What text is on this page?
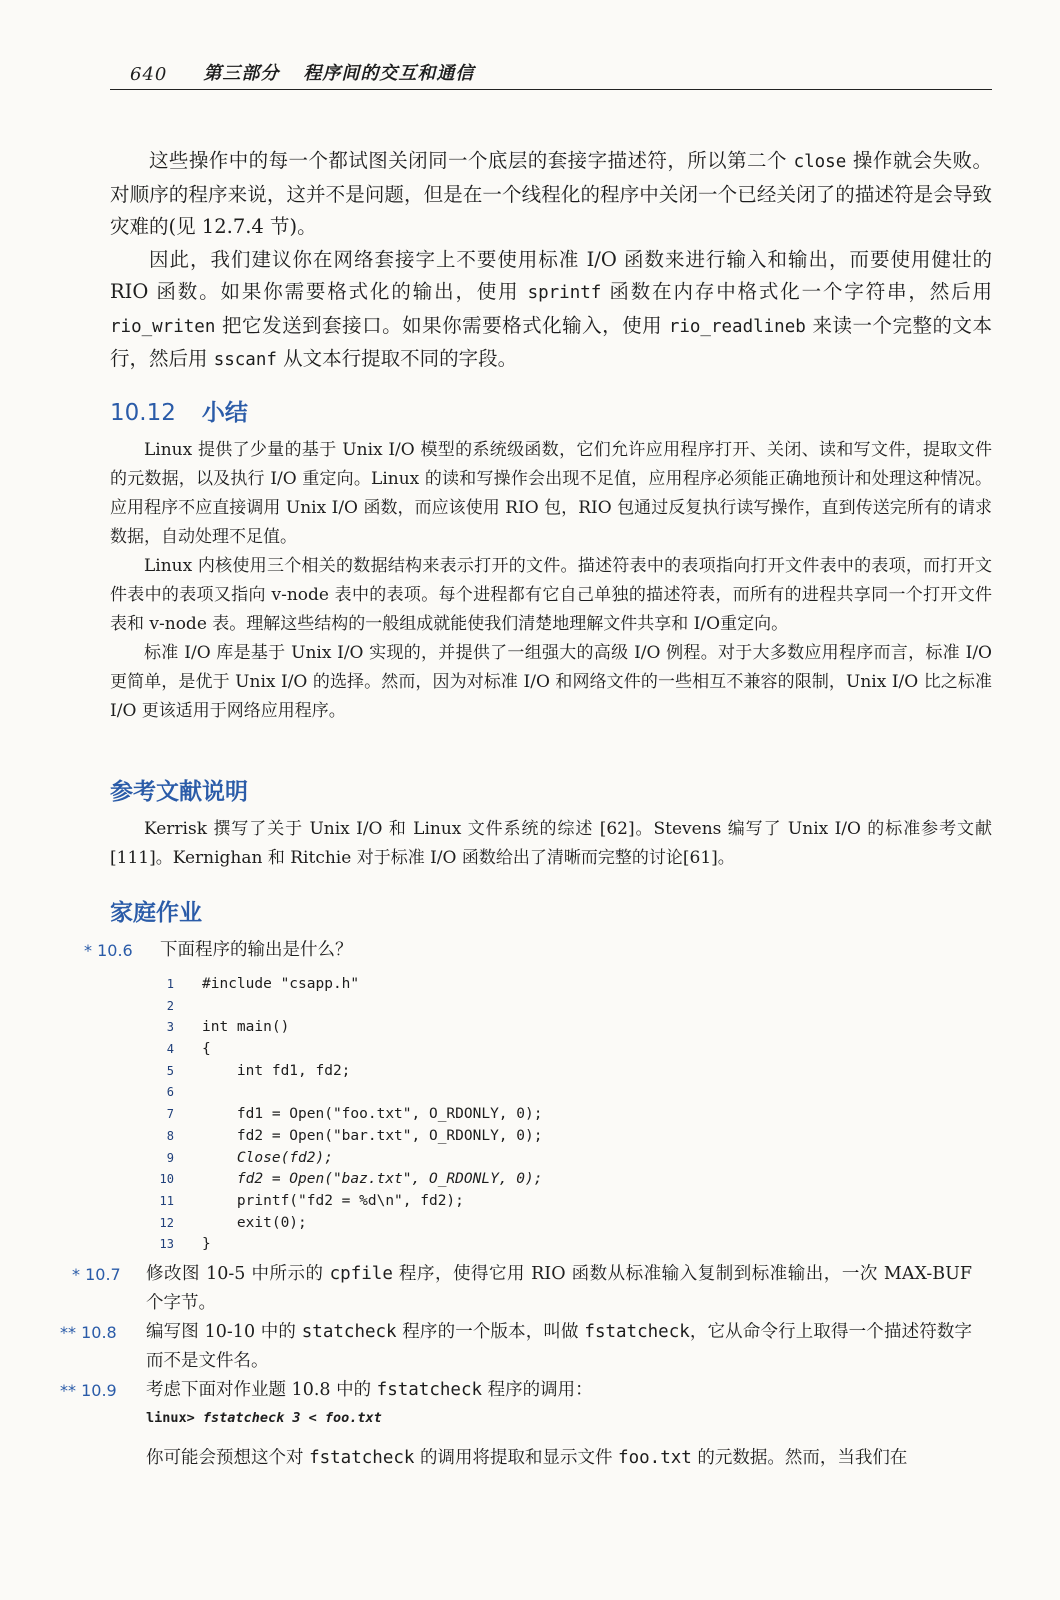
640 第三部分 程序间的交互和通信

这些操作中的每一个都试图关闭同一个底层的套接字描述符，所以第二个 close 操作就会失败。对顺序的程序来说，这并不是问题，但是在一个线程化的程序中关闭一个已经关闭了的描述符是会导致灾难的(见 12.7.4 节)。

因此，我们建议你在网络套接字上不要使用标准 I/O 函数来进行输入和输出，而要使用健壮的 RIO 函数。如果你需要格式化的输出，使用 sprintf 函数在内存中格式化一个字符串，然后用 rio_writen 把它发送到套接口。如果你需要格式化输入，使用 rio_readlineb 来读一个完整的文本行，然后用 sscanf 从文本行提取不同的字段。

10.12 小结

Linux 提供了少量的基于 Unix I/O 模型的系统级函数，它们允许应用程序打开、关闭、读和写文件，提取文件的元数据，以及执行 I/O 重定向。Linux 的读和写操作会出现不足值，应用程序必须能正确地预计和处理这种情况。应用程序不应直接调用 Unix I/O 函数，而应该使用 RIO 包，RIO 包通过反复执行读写操作，直到传送完所有的请求数据，自动处理不足值。

Linux 内核使用三个相关的数据结构来表示打开的文件。描述符表中的表项指向打开文件表中的表项，而打开文件表中的表项又指向 v-node 表中的表项。每个进程都有它自己单独的描述符表，而所有的进程共享同一个打开文件表和 v-node 表。理解这些结构的一般组成就能使我们清楚地理解文件共享和 I/O重定向。

标准 I/O 库是基于 Unix I/O 实现的，并提供了一组强大的高级 I/O 例程。对于大多数应用程序而言，标准 I/O 更简单，是优于 Unix I/O 的选择。然而，因为对标准 I/O 和网络文件的一些相互不兼容的限制，Unix I/O 比之标准 I/O 更该适用于网络应用程序。

参考文献说明

Kerrisk 撰写了关于 Unix I/O 和 Linux 文件系统的综述 [62]。Stevens 编写了 Unix I/O 的标准参考文献[111]。Kernighan 和 Ritchie 对于标准 I/O 函数给出了清晰而完整的讨论[61]。

家庭作业
* 10.6 下面程序的输出是什么？
1 #include "csapp.h"
2
3 int main()
4 {
5 int fd1, fd2;
6
7 fd1 = Open("foo.txt", O_RDONLY, 0);
8 fd2 = Open("bar.txt", O_RDONLY, 0);
9 Close(fd2);
10 fd2 = Open("baz.txt", O_RDONLY, 0);
11 printf("fd2 = %d\n", fd2);
12 exit(0);
13 }
* 10.7 修改图 10-5 中所示的 cpfile 程序，使得它用 RIO 函数从标准输入复制到标准输出，一次 MAX-BUF 个字节。
** 10.8 编写图 10-10 中的 statcheck 程序的一个版本，叫做 fstatcheck，它从命令行上取得一个描述符数字而不是文件名。
** 10.9 考虑下面对作业题 10.8 中的 fstatcheck 程序的调用：
linux> fstatcheck 3 < foo.txt
你可能会预想这个对 fstatcheck 的调用将提取和显示文件 foo.txt 的元数据。然而，当我们在
